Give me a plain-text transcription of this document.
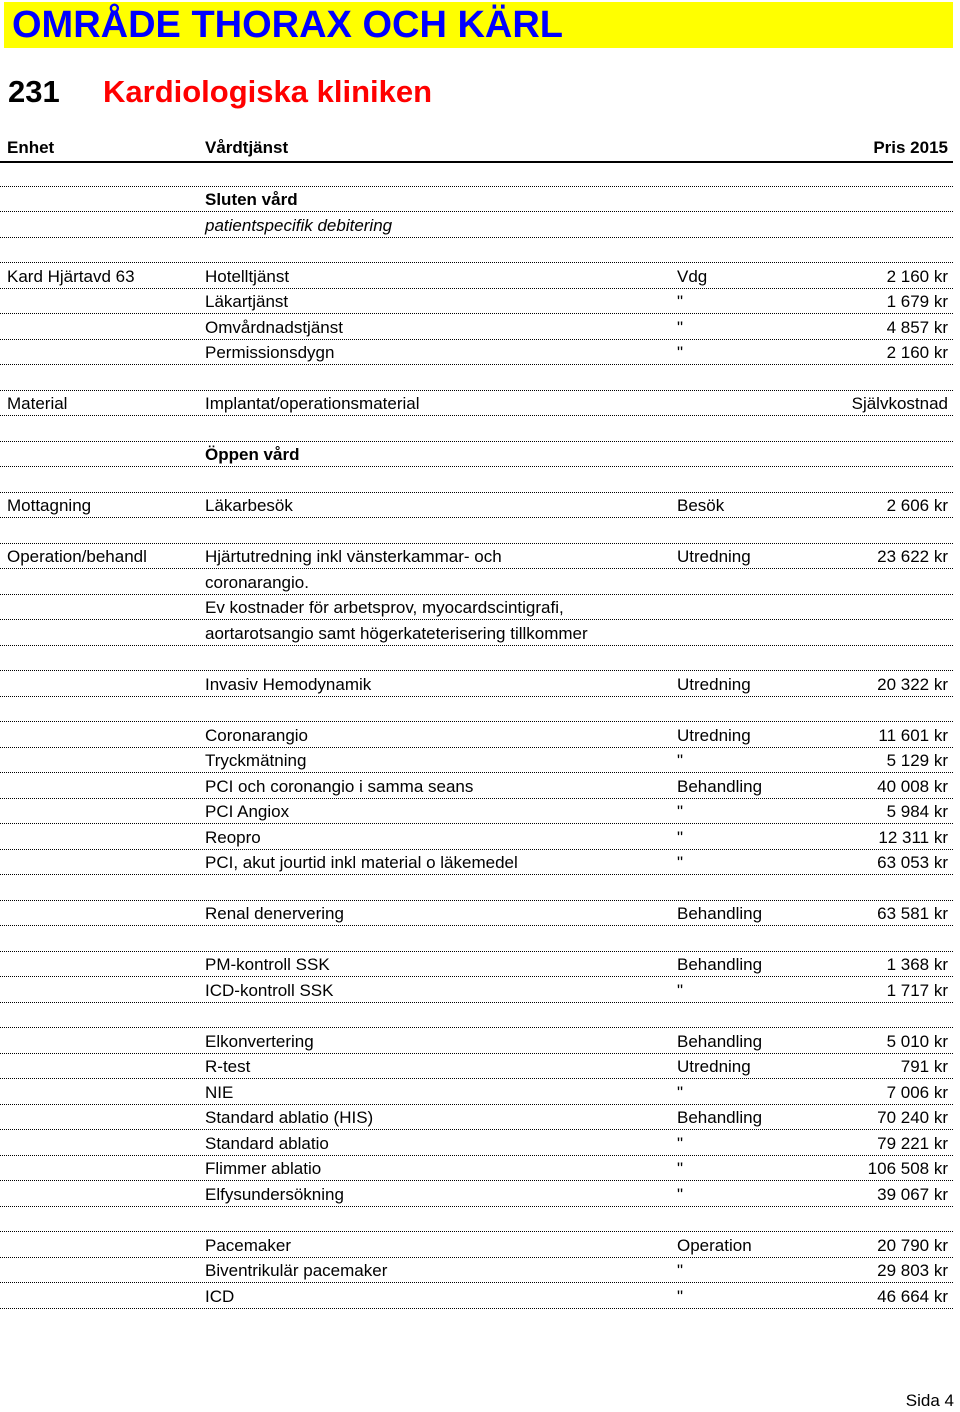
OMRÅDE THORAX OCH KÄRL
231 Kardiologiska kliniken
Enhet	Vårdtjänst	Pris 2015
Sluten vård
patientspecifik debitering
Kard Hjärtavd 63	Hotelltjänst	Vdg	2 160 kr
Läkartjänst	"	1 679 kr
Omvårdnadstjänst	"	4 857 kr
Permissionsdygn	"	2 160 kr
Material	Implantat/operationsmaterial	Självkostnad
Öppen vård
Mottagning	Läkarbesök	Besök	2 606 kr
Operation/behandl	Hjärtutredning inkl vänsterkammar- och	Utredning	23 622 kr
coronarangio.
Ev kostnader för arbetsprov, myocardscintigrafi,
aortarotsangio samt högerkateterisering tillkommer
Invasiv Hemodynamik	Utredning	20 322 kr
Coronarangio	Utredning	11 601 kr
Tryckmätning	"	5 129 kr
PCI och coronangio i samma seans	Behandling	40 008 kr
PCI Angiox	"	5 984 kr
Reopro	"	12 311 kr
PCI, akut jourtid inkl material o läkemedel	"	63 053 kr
Renal denervering	Behandling	63 581 kr
PM-kontroll SSK	Behandling	1 368 kr
ICD-kontroll SSK	"	1 717 kr
Elkonvertering	Behandling	5 010 kr
R-test	Utredning	791 kr
NIE	"	7 006 kr
Standard ablatio (HIS)	Behandling	70 240 kr
Standard ablatio	"	79 221 kr
Flimmer ablatio	"	106 508 kr
Elfysundersökning	"	39 067 kr
Pacemaker	Operation	20 790 kr
Biventrikulär pacemaker	"	29 803 kr
ICD	"	46 664 kr
Sida 4
